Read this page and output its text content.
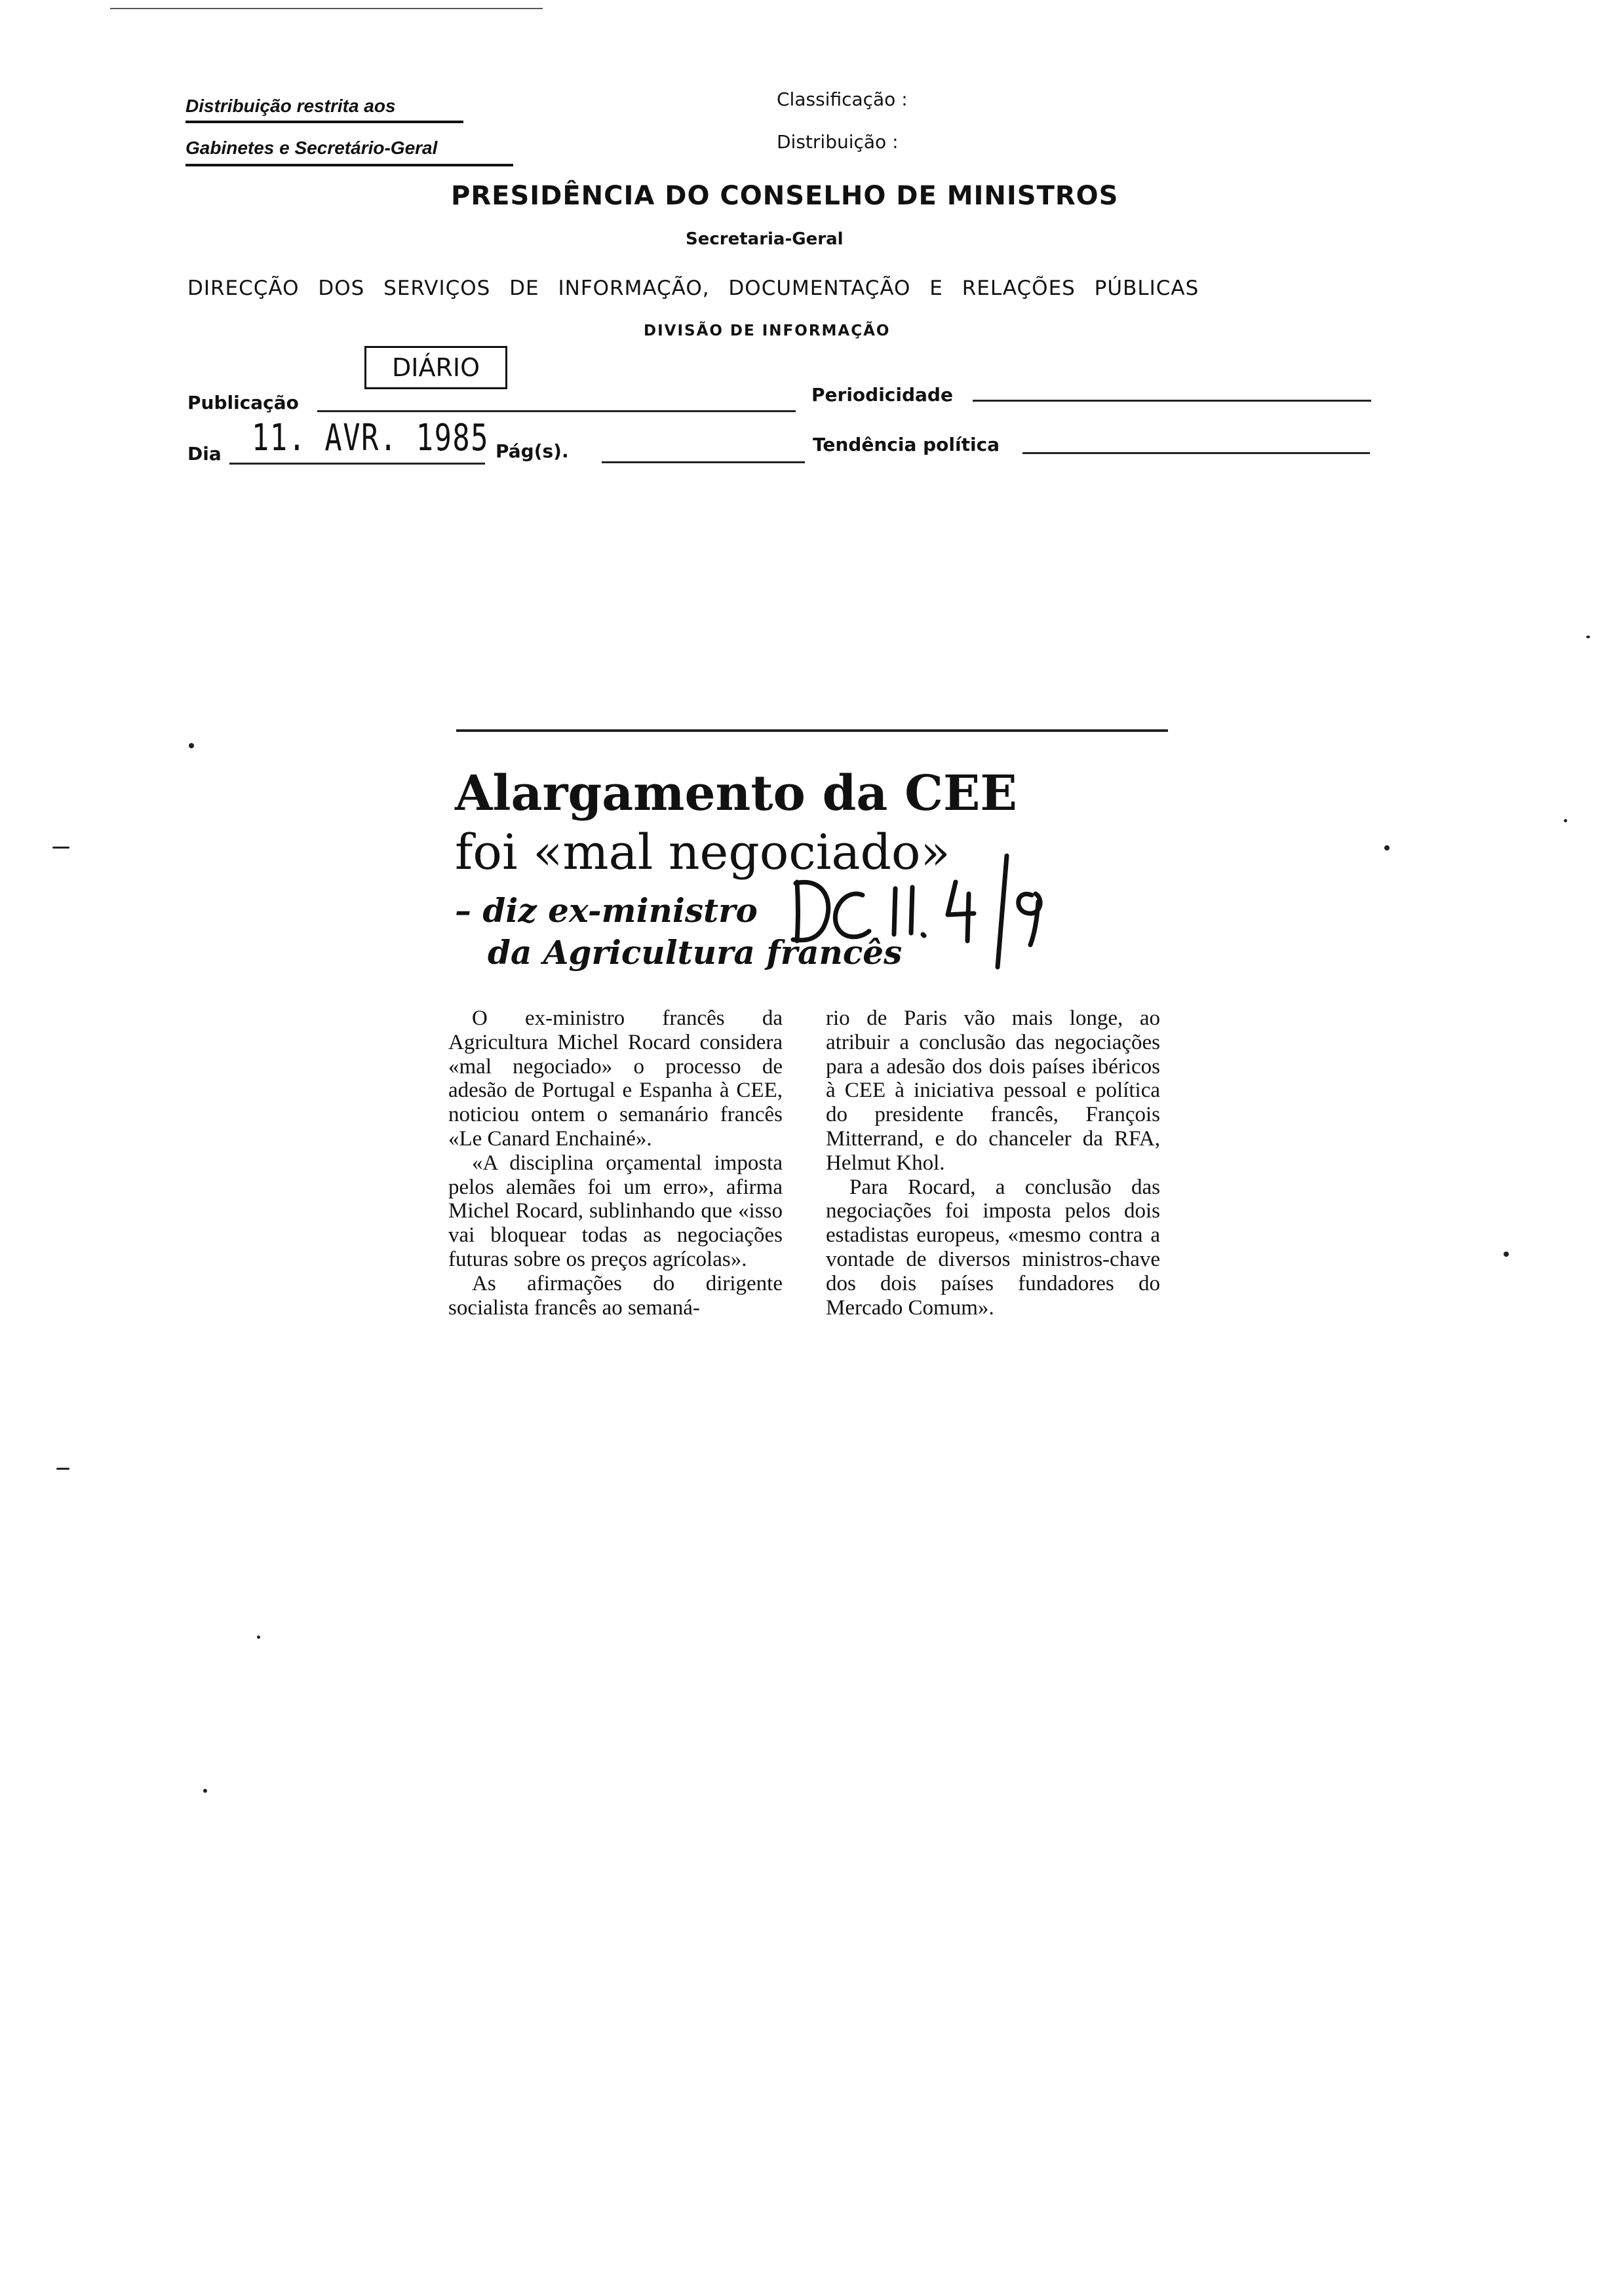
Distribuição restrita aos
Gabinetes e Secretário-Geral
Classificação :
Distribuição :
PRESIDÊNCIA DO CONSELHO DE MINISTROS
Secretaria-Geral
DIRECÇÃO DOS SERVIÇOS DE INFORMAÇÃO, DOCUMENTAÇÃO E RELAÇÕES PÚBLICAS
DIVISÃO DE INFORMAÇÃO
DIÁRIO
Publicação	Periodicidade
Dia 11. AVR. 1985 Pág(s).	Tendência política
Alargamento da CEE
foi «mal negociado»
– diz ex-ministro
da Agricultura francês

O ex-ministro francês da Agricultura Michel Rocard considera «mal negociado» o processo de adesão de Portugal e Espanha à CEE, noticiou ontem o semanário francês «Le Canard Enchainé».

«A disciplina orçamental imposta pelos alemães foi um erro», afirma Michel Rocard, sublinhando que «isso vai bloquear todas as negociações futuras sobre os preços agrícolas».

As afirmações do dirigente socialista francês ao semaná-

rio de Paris vão mais longe, ao atribuir a conclusão das negociações para a adesão dos dois países ibéricos à CEE à iniciativa pessoal e política do presidente francês, François Mitterrand, e do chanceler da RFA, Helmut Khol.

Para Rocard, a conclusão das negociações foi imposta pelos dois estadistas europeus, «mesmo contra a vontade de diversos ministros-chave dos dois países fundadores do Mercado Comum».
